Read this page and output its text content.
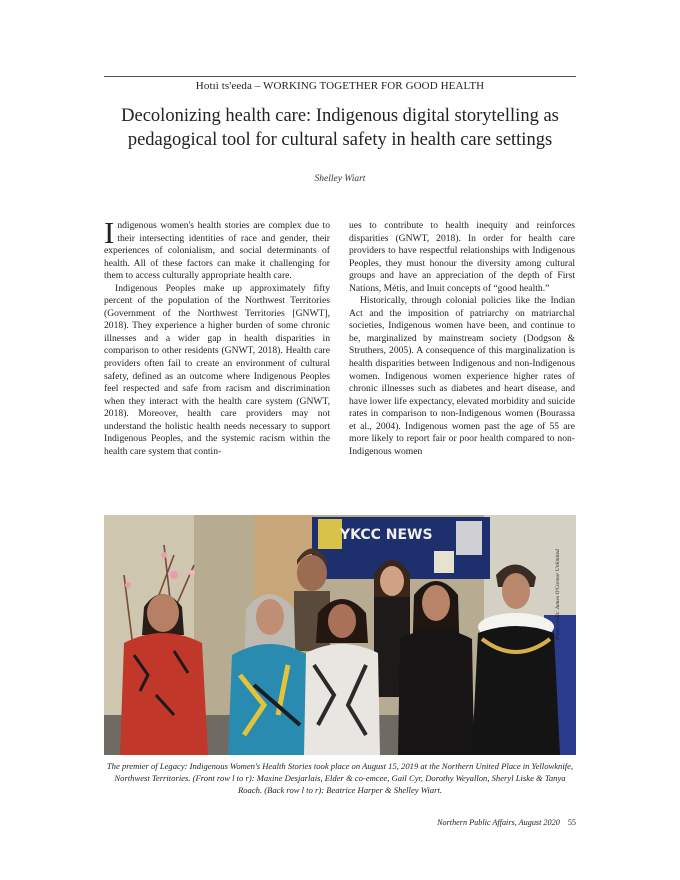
Hotıì ts'eeda – WORKING TOGETHER FOR GOOD HEALTH
Decolonizing health care: Indigenous digital storytelling as
pedagogical tool for cultural safety in health care settings
Shelley Wiart

Indigenous women's health stories are complex due to their intersecting identities of race and gender, their experiences of colonialism, and social determinants of health. All of these factors can make it challenging for them to access culturally appropriate health care.

Indigenous Peoples make up approximately fifty percent of the population of the Northwest Territories (Government of the Northwest Territories [GNWT], 2018). They experience a higher burden of some chronic illnesses and a wider gap in health disparities in comparison to other residents (GNWT, 2018). Health care providers often fail to create an environment of cultural safety, defined as an outcome where Indigenous Peoples feel respected and safe from racism and discrimination when they interact with the health care system (GNWT, 2018). Moreover, health care providers may not understand the holistic health needs necessary to support Indigenous Peoples, and the systemic racism within the health care system that contin-

ues to contribute to health inequity and reinforces disparities (GNWT, 2018). In order for health care providers to have respectful relationships with Indigenous Peoples, they must honour the diversity among cultural groups and have an appreciation of the depth of First Nations, Métis, and Inuit concepts of “good health.”

Historically, through colonial policies like the Indian Act and the imposition of patriarchy on matriarchal societies, Indigenous women have been, and continue to be, marginalized by mainstream society (Dodgson & Struthers, 2005). A consequence of this marginalization is health disparities between Indigenous and non-Indigenous women. Indigenous women experience higher rates of chronic illnesses such as diabetes and heart disease, and have lower life expectancy, elevated morbidity and suicide rates in comparison to non-Indigenous women (Bourassa et al., 2004). Indigenous women past the age of 55 are more likely to report fair or poor health compared to non-Indigenous women

YKCC NEWS
Photo credit: James O'Connor Unlimited
The premier of Legacy: Indigenous Women's Health Stories took place on August 15, 2019 at the Northern United Place in Yellowknife, Northwest Territories. (Front row l to r): Maxine Desjarlais, Elder & co-emcee, Gail Cyr, Dorothy Weyallon, Sheryl Liske & Tanya Roach. (Back row l to r): Beatrice Harper & Shelley Wiart.
Northern Public Affairs, August 2020 55
